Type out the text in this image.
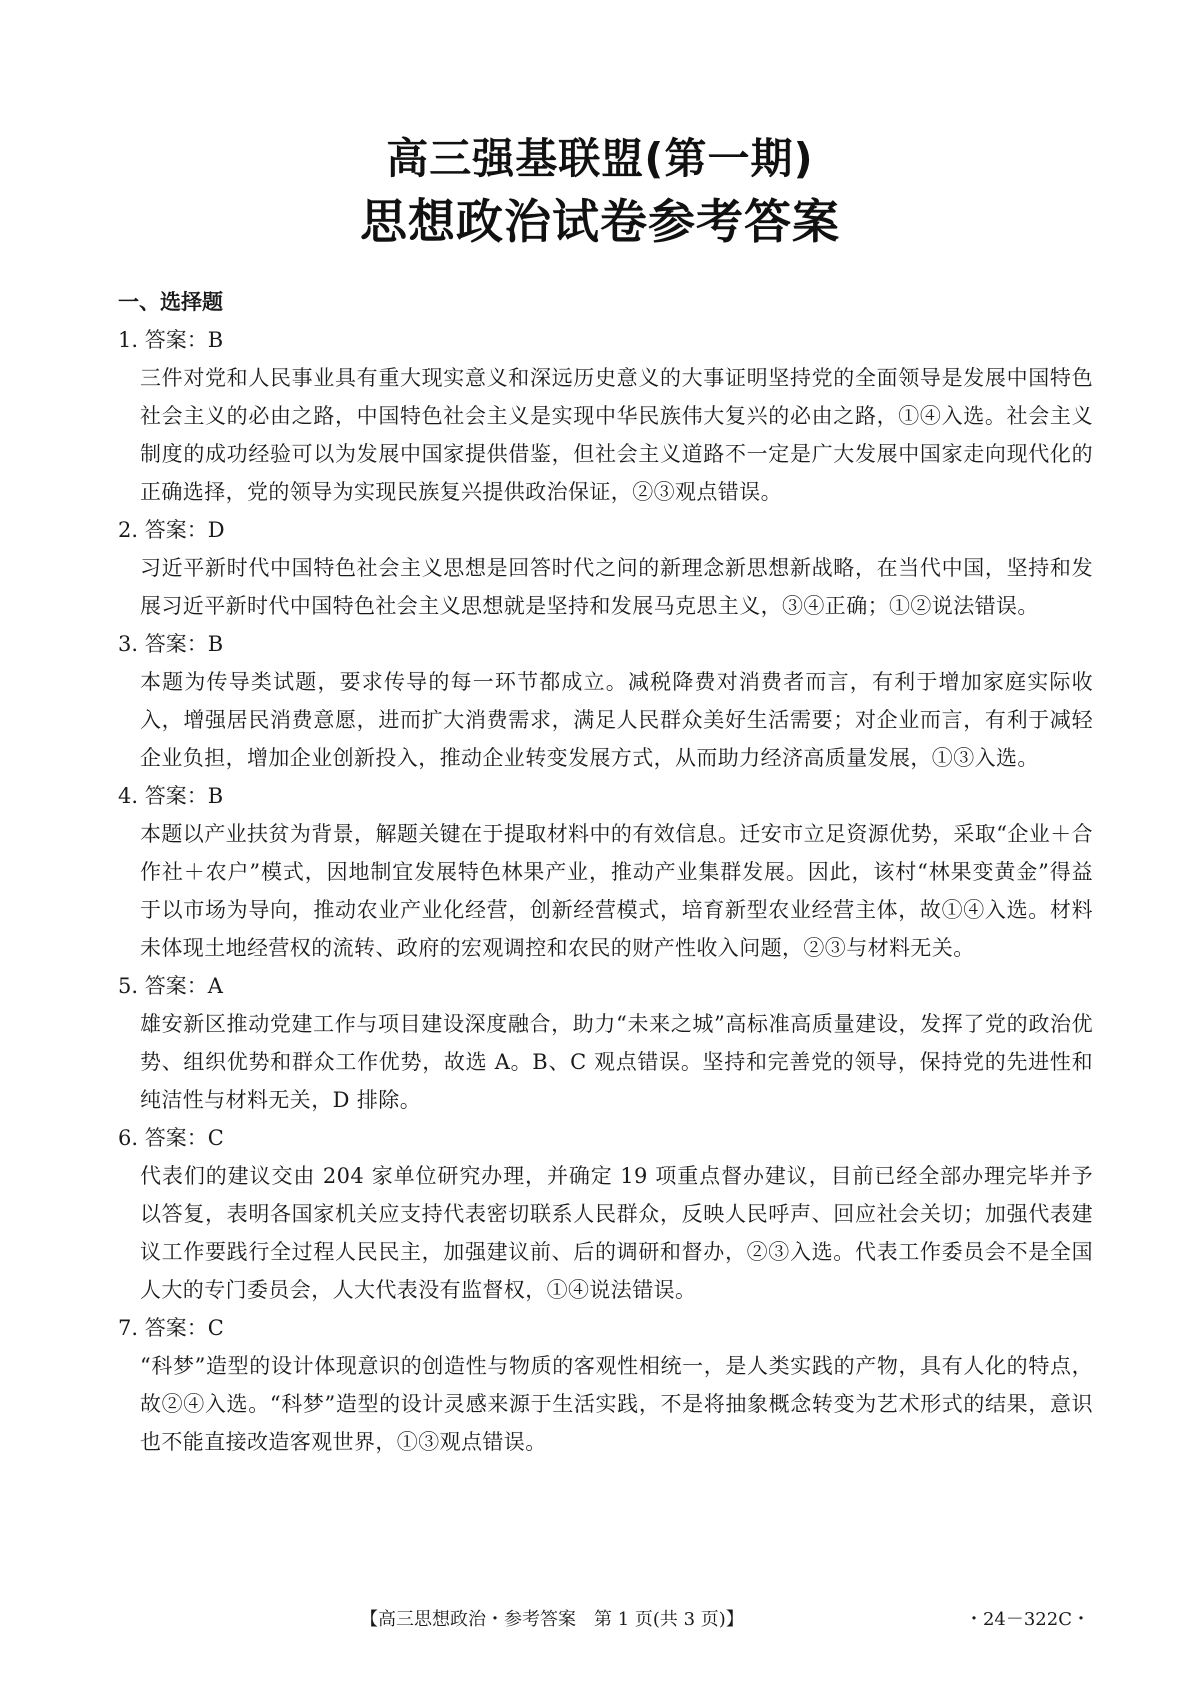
高三强基联盟(第一期)
思想政治试卷参考答案
一、选择题
1. 答案：B

三件对党和人民事业具有重大现实意义和深远历史意义的大事证明坚持党的全面领导是发展中国特色社会主义的必由之路，中国特色社会主义是实现中华民族伟大复兴的必由之路，①④入选。社会主义制度的成功经验可以为发展中国家提供借鉴，但社会主义道路不一定是广大发展中国家走向现代化的正确选择，党的领导为实现民族复兴提供政治保证，②③观点错误。

2. 答案：D

习近平新时代中国特色社会主义思想是回答时代之问的新理念新思想新战略，在当代中国，坚持和发展习近平新时代中国特色社会主义思想就是坚持和发展马克思主义，③④正确；①②说法错误。

3. 答案：B

本题为传导类试题，要求传导的每一环节都成立。减税降费对消费者而言，有利于增加家庭实际收入，增强居民消费意愿，进而扩大消费需求，满足人民群众美好生活需要；对企业而言，有利于减轻企业负担，增加企业创新投入，推动企业转变发展方式，从而助力经济高质量发展，①③入选。

4. 答案：B

本题以产业扶贫为背景，解题关键在于提取材料中的有效信息。迁安市立足资源优势，采取“企业＋合作社＋农户”模式，因地制宜发展特色林果产业，推动产业集群发展。因此，该村“林果变黄金”得益于以市场为导向，推动农业产业化经营，创新经营模式，培育新型农业经营主体，故①④入选。材料未体现土地经营权的流转、政府的宏观调控和农民的财产性收入问题，②③与材料无关。

5. 答案：A

雄安新区推动党建工作与项目建设深度融合，助力“未来之城”高标准高质量建设，发挥了党的政治优势、组织优势和群众工作优势，故选 A。B、C 观点错误。坚持和完善党的领导，保持党的先进性和纯洁性与材料无关，D 排除。

6. 答案：C

代表们的建议交由 204 家单位研究办理，并确定 19 项重点督办建议，目前已经全部办理完毕并予以答复，表明各国家机关应支持代表密切联系人民群众，反映人民呼声、回应社会关切；加强代表建议工作要践行全过程人民民主，加强建议前、后的调研和督办，②③入选。代表工作委员会不是全国人大的专门委员会，人大代表没有监督权，①④说法错误。

7. 答案：C

“科梦”造型的设计体现意识的创造性与物质的客观性相统一，是人类实践的产物，具有人化的特点，故②④入选。“科梦”造型的设计灵感来源于生活实践，不是将抽象概念转变为艺术形式的结果，意识也不能直接改造客观世界，①③观点错误。

【高三思想政治・参考答案　第 1 页(共 3 页)】	・24－322C・
